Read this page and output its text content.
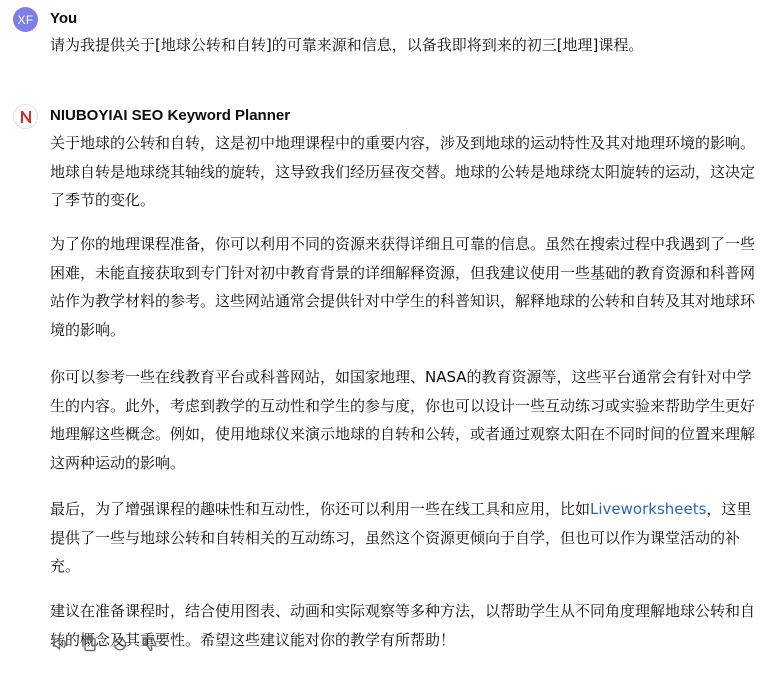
XF	You
请为我提供关于[地球公转和自转]的可靠来源和信息，以备我即将到来的初三[地理]课程。
NIUBOYIAI SEO Keyword Planner
关于地球的公转和自转，这是初中地理课程中的重要内容，涉及到地球的运动特性及其对地理环境的影响。地球自转是地球绕其轴线的旋转，这导致我们经历昼夜交替。地球的公转是地球绕太阳旋转的运动，这决定了季节的变化。
为了你的地理课程准备，你可以利用不同的资源来获得详细且可靠的信息。虽然在搜索过程中我遇到了一些困难，未能直接获取到专门针对初中教育背景的详细解释资源，但我建议使用一些基础的教育资源和科普网站作为教学材料的参考。这些网站通常会提供针对中学生的科普知识，解释地球的公转和自转及其对地球环境的影响。
你可以参考一些在线教育平台或科普网站，如国家地理、NASA的教育资源等，这些平台通常会有针对中学生的内容。此外，考虑到教学的互动性和学生的参与度，你也可以设计一些互动练习或实验来帮助学生更好地理解这些概念。例如，使用地球仪来演示地球的自转和公转，或者通过观察太阳在不同时间的位置来理解这两种运动的影响。
最后，为了增强课程的趣味性和互动性，你还可以利用一些在线工具和应用，比如Liveworksheets，这里提供了一些与地球公转和自转相关的互动练习，虽然这个资源更倾向于自学，但也可以作为课堂活动的补充。
建议在准备课程时，结合使用图表、动画和实际观察等多种方法，以帮助学生从不同角度理解地球公转和自转的概念及其重要性。希望这些建议能对你的教学有所帮助！
